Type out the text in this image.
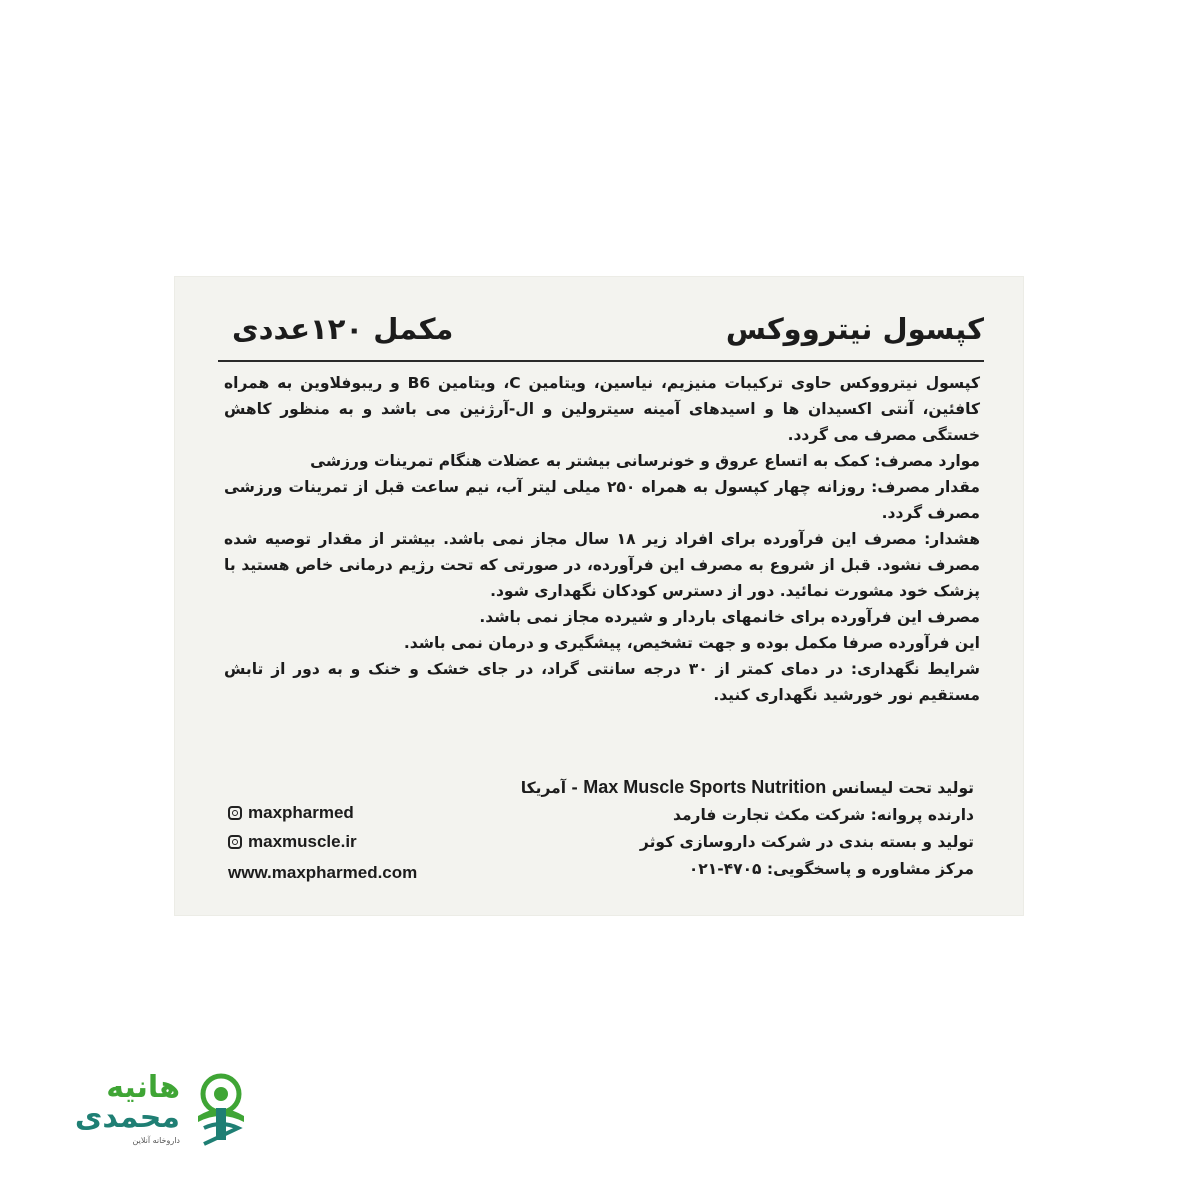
کپسول نیترووکس
مکمل ۱۲۰عددی

کپسول نیترووکس حاوی ترکیبات منیزیم، نیاسین، ویتامین C، ویتامین B6 و ریبوفلاوین به همراه کافئین، آنتی اکسیدان ها و اسیدهای آمینه سیترولین و ال-آرژنین می باشد و به منظور کاهش خستگی مصرف می گردد.

موارد مصرف: کمک به اتساع عروق و خونرسانی بیشتر به عضلات هنگام تمرینات ورزشی

مقدار مصرف: روزانه چهار کپسول به همراه ۲۵۰ میلی لیتر آب، نیم ساعت قبل از تمرینات ورزشی مصرف گردد.

هشدار: مصرف این فرآورده برای افراد زیر ۱۸ سال مجاز نمی باشد. بیشتر از مقدار توصیه شده مصرف نشود. قبل از شروع به مصرف این فرآورده، در صورتی که تحت رژیم درمانی خاص هستید با پزشک خود مشورت نمائید. دور از دسترس کودکان نگهداری شود.

مصرف این فرآورده برای خانمهای باردار و شیرده مجاز نمی باشد.

این فرآورده صرفا مکمل بوده و جهت تشخیص، پیشگیری و درمان نمی باشد.

شرایط نگهداری: در دمای کمتر از ۳۰ درجه سانتی گراد، در جای خشک و خنک و به دور از تابش مستقیم نور خورشید نگهداری کنید.

تولید تحت لیسانس Max Muscle Sports Nutrition - آمریکا

دارنده پروانه: شرکت مکث تجارت فارمد

تولید و بسته بندی در شرکت داروسازی کوثر

مرکز مشاوره و پاسخگویی: ۴۷۰۵-۰۲۱

maxpharmed
maxmuscle.ir
www.maxpharmed.com
هانیه
محمدی
داروخانه آنلاین
